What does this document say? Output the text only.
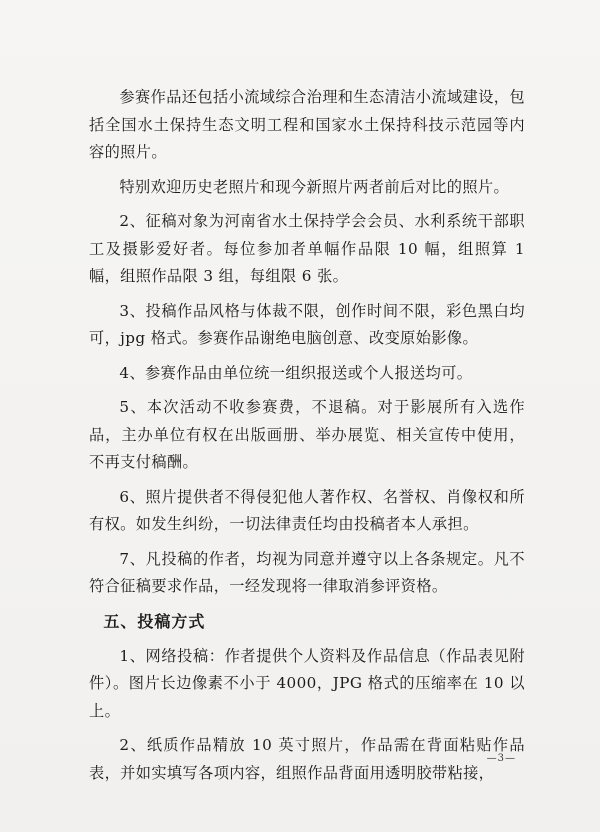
参赛作品还包括小流域综合治理和生态清洁小流域建设，包括全国水土保持生态文明工程和国家水土保持科技示范园等内容的照片。

特别欢迎历史老照片和现今新照片两者前后对比的照片。

2、征稿对象为河南省水土保持学会会员、水利系统干部职工及摄影爱好者。每位参加者单幅作品限 10 幅，组照算 1 幅，组照作品限 3 组，每组限 6 张。

3、投稿作品风格与体裁不限，创作时间不限，彩色黑白均可，jpg 格式。参赛作品谢绝电脑创意、改变原始影像。

4、参赛作品由单位统一组织报送或个人报送均可。

5、本次活动不收参赛费，不退稿。对于影展所有入选作品，主办单位有权在出版画册、举办展览、相关宣传中使用，不再支付稿酬。

6、照片提供者不得侵犯他人著作权、名誉权、肖像权和所有权。如发生纠纷，一切法律责任均由投稿者本人承担。

7、凡投稿的作者，均视为同意并遵守以上各条规定。凡不符合征稿要求作品，一经发现将一律取消参评资格。

五、投稿方式

1、网络投稿：作者提供个人资料及作品信息（作品表见附件）。图片长边像素不小于 4000，JPG 格式的压缩率在 10 以上。

2、纸质作品精放 10 英寸照片，作品需在背面粘贴作品表，并如实填写各项内容，组照作品背面用透明胶带粘接，

—3—
